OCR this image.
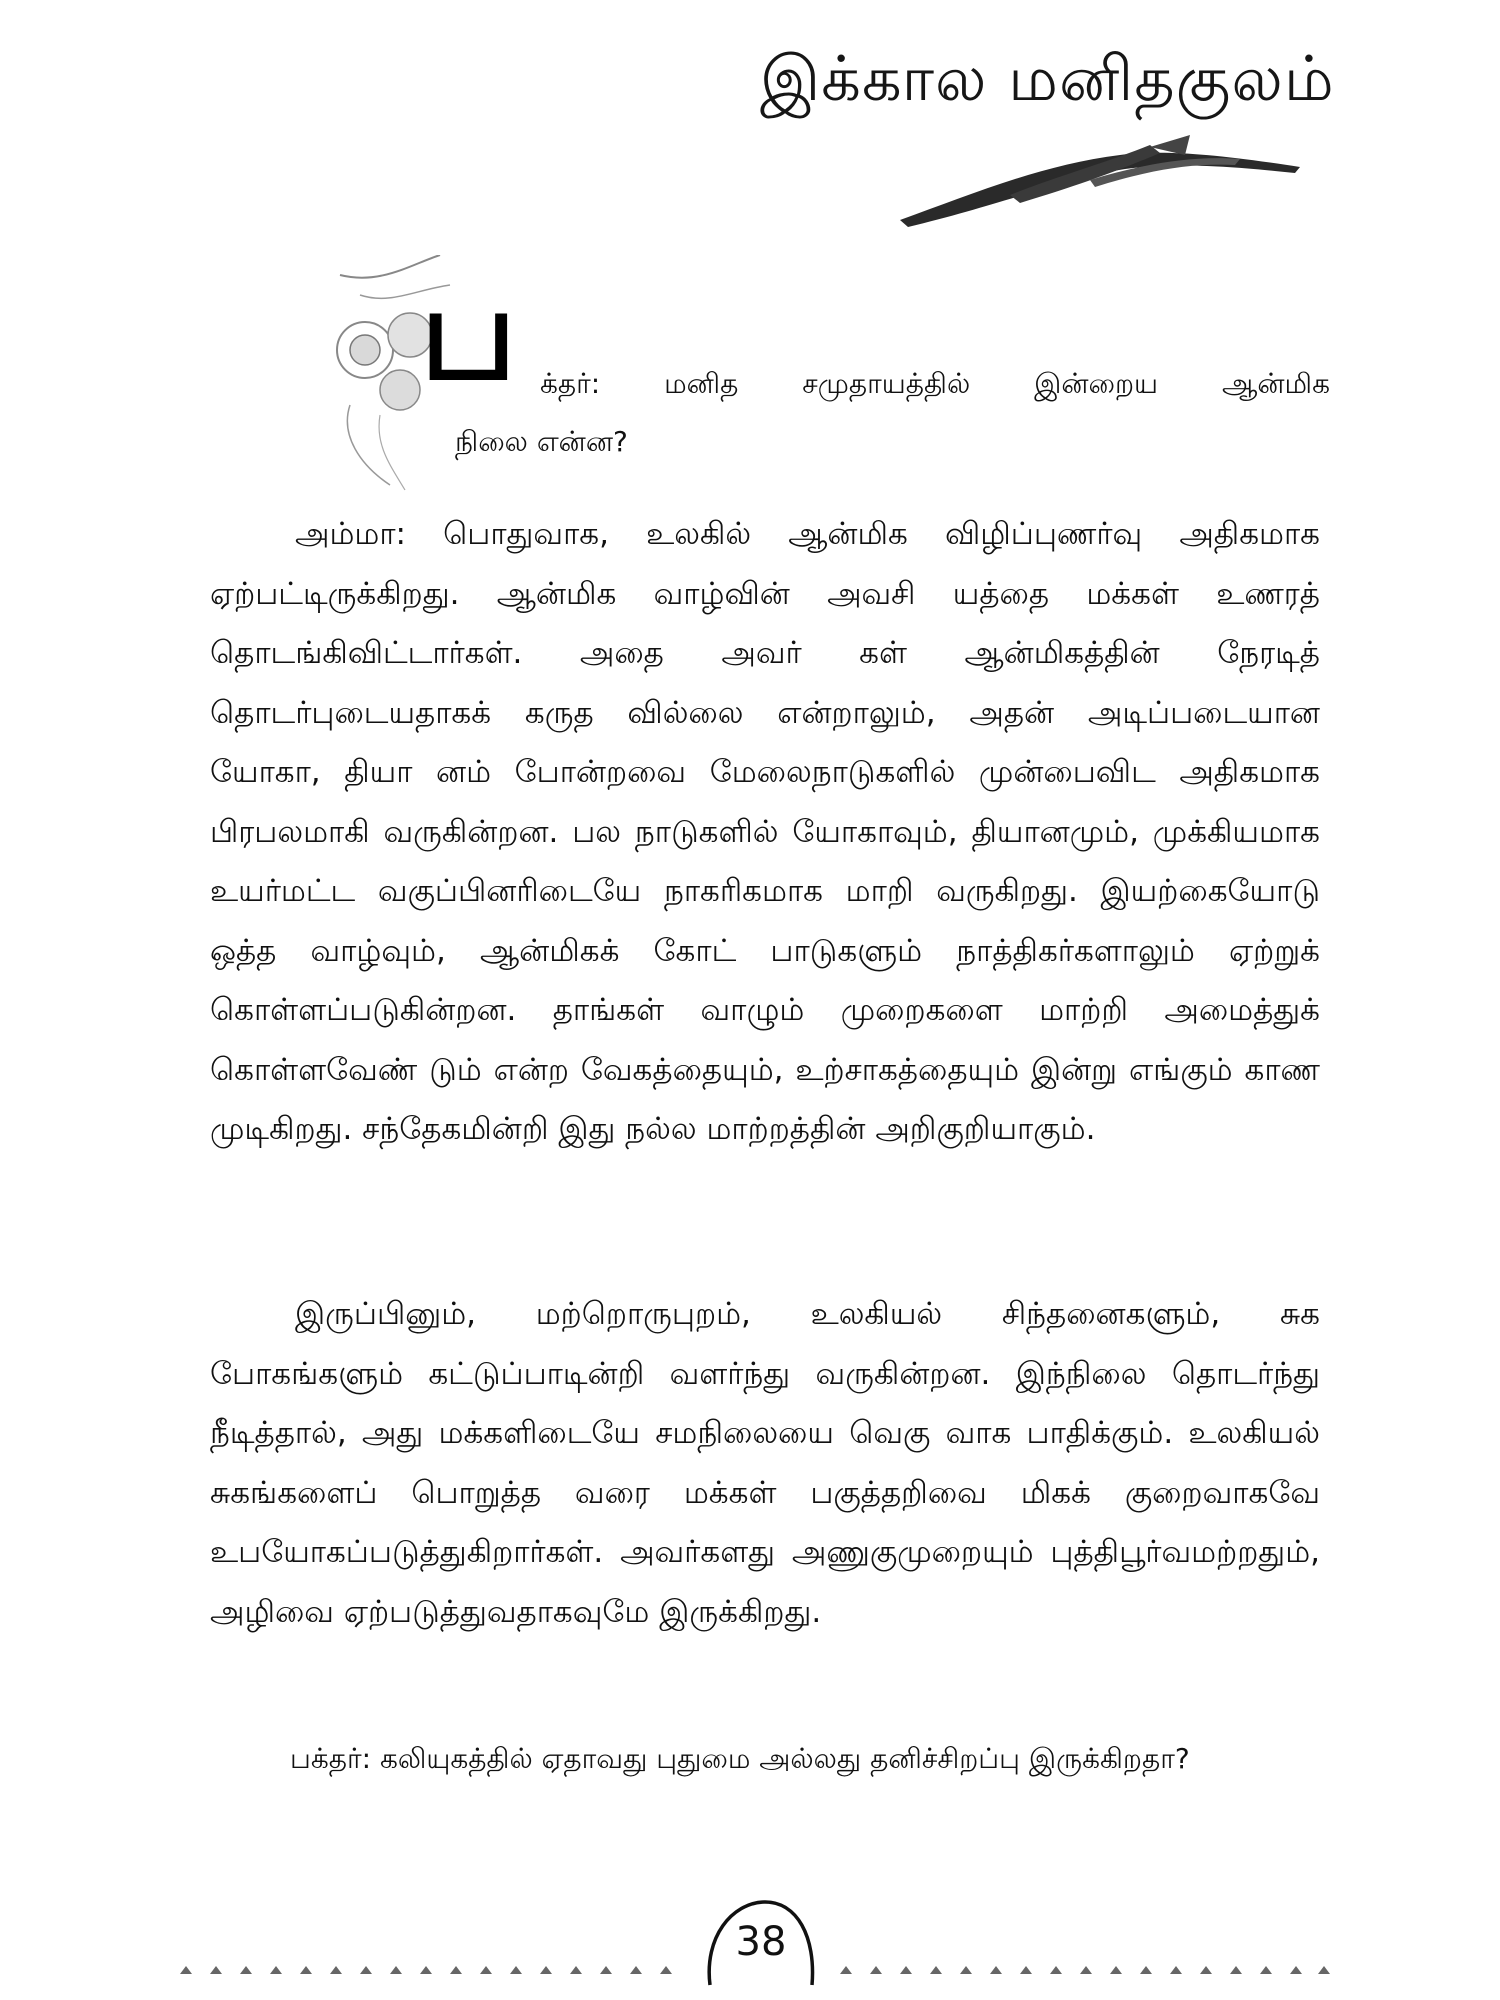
இக்கால மனிதகுலம்
ப க்தர்: மனித சமுதாயத்தில் இன்றைய ஆன்மிக
நிலை என்ன?

அம்மா: பொதுவாக, உலகில் ஆன்மிக விழிப்புணர்வு அதிகமாக ஏற்பட்டிருக்கிறது. ஆன்மிக வாழ்வின் அவசி யத்தை மக்கள் உணரத் தொடங்கிவிட்டார்கள். அதை அவர் கள் ஆன்மிகத்தின் நேரடித் தொடர்புடையதாகக் கருத வில்லை என்றாலும், அதன் அடிப்படையான யோகா, தியா னம் போன்றவை மேலைநாடுகளில் முன்பைவிட அதிகமாக பிரபலமாகி வருகின்றன. பல நாடுகளில் யோகாவும், தியானமும், முக்கியமாக உயர்மட்ட வகுப்பினரிடையே நாகரிகமாக மாறி வருகிறது. இயற்கையோடு ஒத்த வாழ்வும், ஆன்மிகக் கோட் பாடுகளும் நாத்திகர்களாலும் ஏற்றுக் கொள்ளப்படுகின்றன. தாங்கள் வாழும் முறைகளை மாற்றி அமைத்துக் கொள்ளவேண் டும் என்ற வேகத்தையும், உற்சாகத்தையும் இன்று எங்கும் காண முடிகிறது. சந்தேகமின்றி இது நல்ல மாற்றத்தின் அறிகுறியாகும்.

இருப்பினும், மற்றொருபுறம், உலகியல் சிந்தனைகளும், சுக போகங்களும் கட்டுப்பாடின்றி வளர்ந்து வருகின்றன. இந்நிலை தொடர்ந்து நீடித்தால், அது மக்களிடையே சமநிலையை வெகு வாக பாதிக்கும். உலகியல் சுகங்களைப் பொறுத்த வரை மக்கள் பகுத்தறிவை மிகக் குறைவாகவே உபயோகப்படுத்துகிறார்கள். அவர்களது அணுகுமுறையும் புத்திபூர்வமற்றதும், அழிவை ஏற்படுத்துவதாகவுமே இருக்கிறது.

பக்தர்: கலியுகத்தில் ஏதாவது புதுமை அல்லது தனிச்சிறப்பு இருக்கிறதா?

38
